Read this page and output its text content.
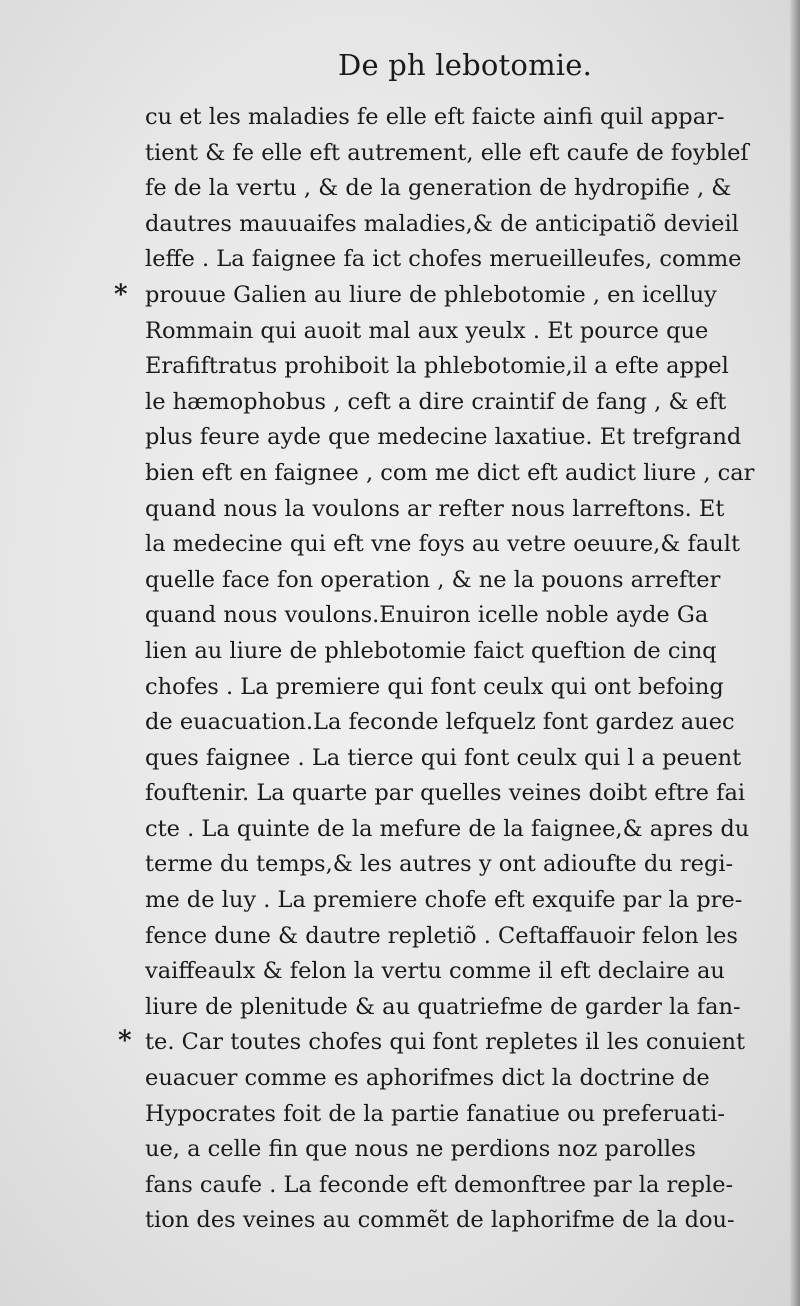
De ph lebotomie.
*
*
cu et les maladies fe elle eft faicte ainfi quil appar-
tient & fe elle eft autrement, elle eft caufe de foybleſ
fe de la vertu , & de la generation de hydropifie , &
dautres mauuaifes maladies,& de anticipatiõ devieil
leffe . La faignee fa ict chofes merueilleufes, comme
prouue Galien au liure de phlebotomie , en icelluy
Rommain qui auoit mal aux yeulx . Et pource que
Erafiftratus prohiboit la phlebotomie,il a efte appel
le hæmophobus , ceft a dire craintif de fang , & eft
plus feure ayde que medecine laxatiue. Et trefgrand
bien eft en faignee , com me dict eft audict liure , car
quand nous la voulons ar refter nous larreftons. Et
la medecine qui eft vne foys au vetre oeuure,& fault
quelle face fon operation , & ne la pouons arrefter
quand nous voulons.Enuiron icelle noble ayde Ga
lien au liure de phlebotomie faict queftion de cinq
chofes . La premiere qui font ceulx qui ont befoing
de euacuation.La feconde lefquelz font gardez auec
ques faignee . La tierce qui font ceulx qui l a peuent
fouftenir. La quarte par quelles veines doibt eftre fai
cte . La quinte de la mefure de la faignee,& apres du
terme du temps,& les autres y ont adioufte du regi-
me de luy . La premiere chofe eft exquife par la pre-
fence dune & dautre repletiõ . Ceftaffauoir felon les
vaiffeaulx & felon la vertu comme il eft declaire au
liure de plenitude & au quatriefme de garder la fan-
te. Car toutes chofes qui font repletes il les conuient
euacuer comme es aphorifmes dict la doctrine de
Hypocrates foit de la partie fanatiue ou preferuati-
ue, a celle fin que nous ne perdions noz parolles
fans caufe . La feconde eft demonftree par la reple-
tion des veines au commẽt de laphorifme de la dou-
